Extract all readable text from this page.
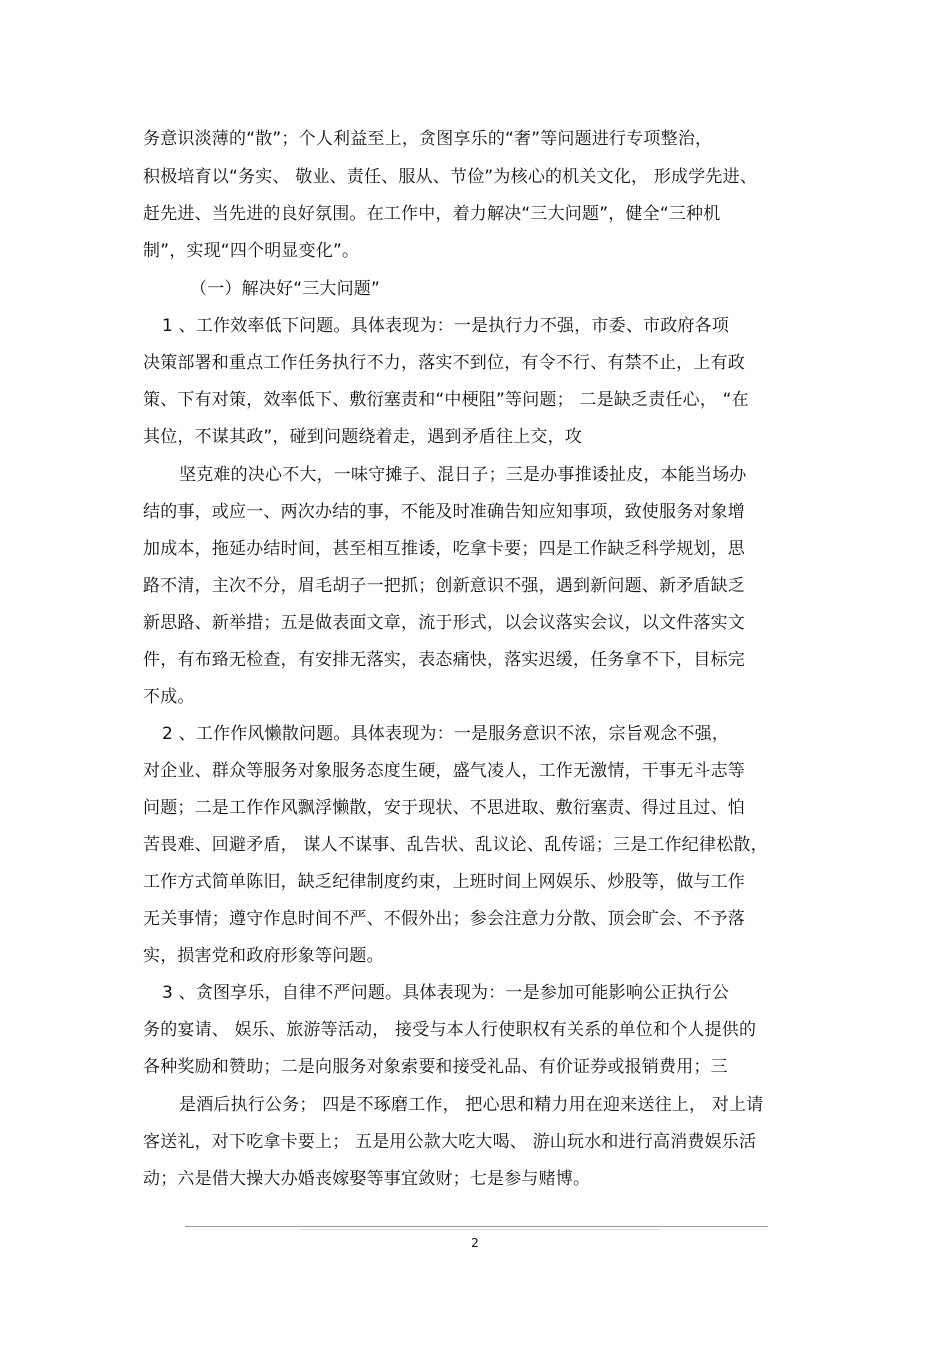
务意识淡薄的“散”；个人利益至上，贪图享乐的“奢”等问题进行专项整治，
积极培育以“务实、 敬业、责任、服从、节俭”为核心的机关文化， 形成学先进、
赶先进、当先进的良好氛围。在工作中，着力解决“三大问题”，健全“三种机
制”，实现“四个明显变化”。
（一）解决好“三大问题”
1 、工作效率低下问题。具体表现为：一是执行力不强，市委、市政府各项
决策部署和重点工作任务执行不力，落实不到位，有令不行、有禁不止，上有政
策、下有对策，效率低下、敷衍塞责和“中梗阻”等问题； 二是缺乏责任心， “在
其位，不谋其政”，碰到问题绕着走，遇到矛盾往上交，攻
坚克难的决心不大，一味守摊子、混日子；三是办事推诿扯皮，本能当场办
结的事，或应一、两次办结的事，不能及时准确告知应知事项，致使服务对象增
加成本，拖延办结时间，甚至相互推诿，吃拿卡要；四是工作缺乏科学规划，思
路不清，主次不分，眉毛胡子一把抓；创新意识不强，遇到新问题、新矛盾缺乏
新思路、新举措；五是做表面文章，流于形式，以会议落实会议，以文件落实文
件，有布臵无检查，有安排无落实，表态痛快，落实迟缓，任务拿不下，目标完
不成。
2 、工作作风懒散问题。具体表现为：一是服务意识不浓，宗旨观念不强，
对企业、群众等服务对象服务态度生硬，盛气凌人，工作无激情，干事无斗志等
问题；二是工作作风飘浮懒散，安于现状、不思进取、敷衍塞责、得过且过、怕
苦畏难、回避矛盾， 谋人不谋事、乱告状、乱议论、乱传谣；三是工作纪律松散，
工作方式简单陈旧，缺乏纪律制度约束，上班时间上网娱乐、炒股等，做与工作
无关事情；遵守作息时间不严、不假外出；参会注意力分散、顶会旷会、不予落
实，损害党和政府形象等问题。
3 、贪图享乐，自律不严问题。具体表现为：一是参加可能影响公正执行公
务的宴请、 娱乐、旅游等活动， 接受与本人行使职权有关系的单位和个人提供的
各种奖励和赞助；二是向服务对象索要和接受礼品、有价证券或报销费用；三
是酒后执行公务； 四是不琢磨工作， 把心思和精力用在迎来送往上， 对上请
客送礼，对下吃拿卡要上； 五是用公款大吃大喝、 游山玩水和进行高消费娱乐活
动；六是借大操大办婚丧嫁娶等事宜敛财；七是参与赌博。
2
